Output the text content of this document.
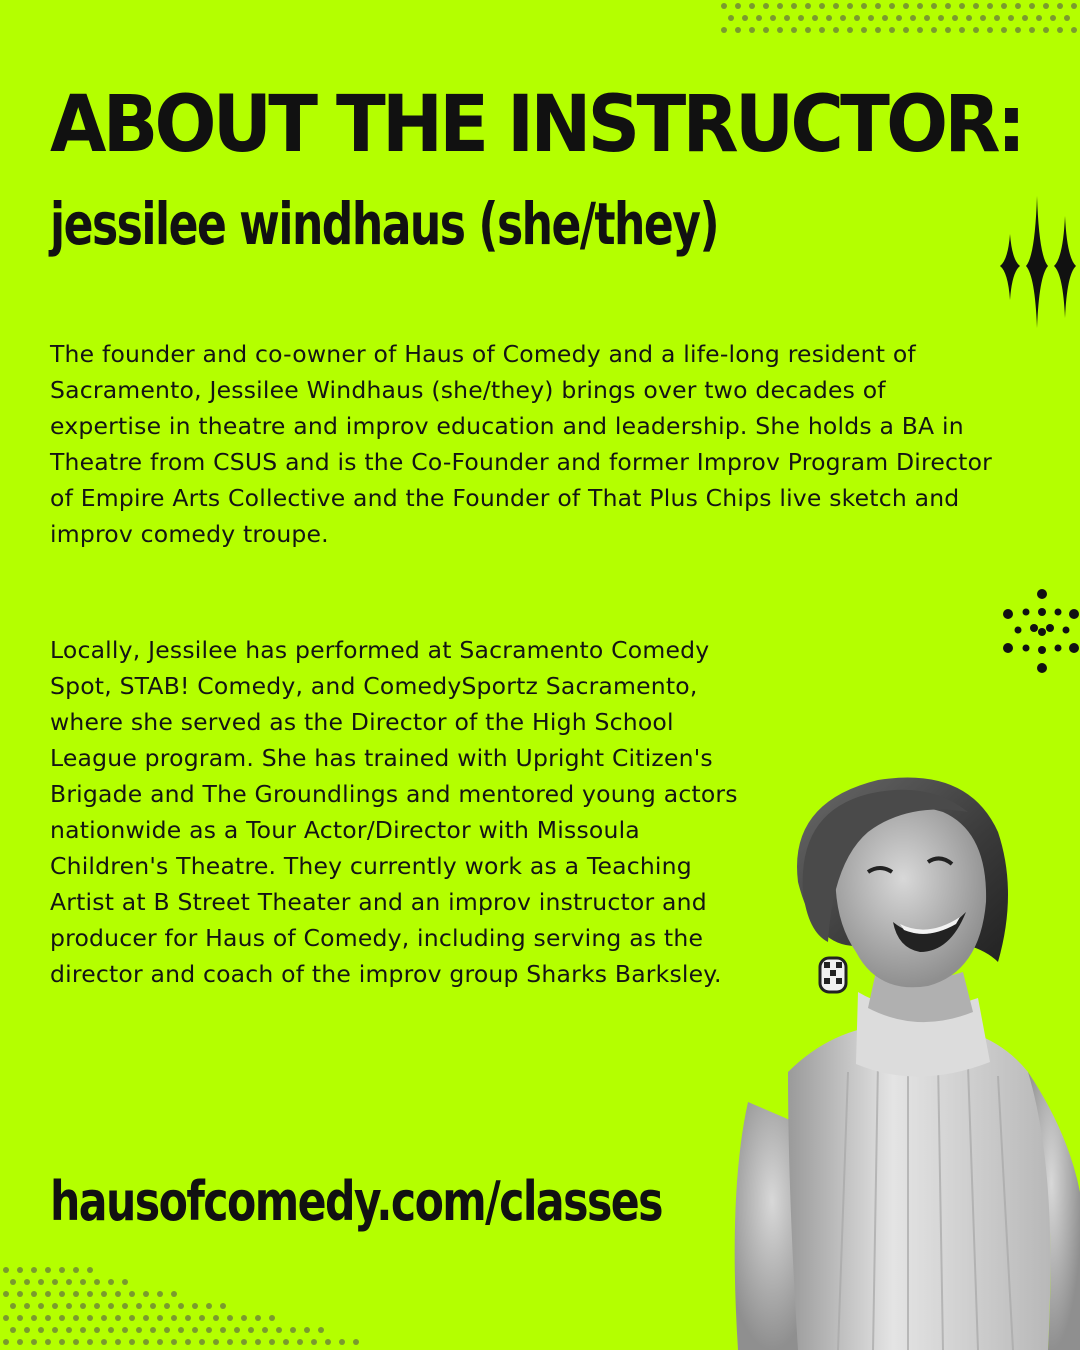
ABOUT THE INSTRUCTOR:
jessilee windhaus (she/they)

The founder and co-owner of Haus of Comedy and a life-long resident of Sacramento, Jessilee Windhaus (she/they) brings over two decades of expertise in theatre and improv education and leadership. She holds a BA in Theatre from CSUS and is the Co-Founder and former Improv Program Director of Empire Arts Collective and the Founder of That Plus Chips live sketch and improv comedy troupe.

Locally, Jessilee has performed at Sacramento Comedy Spot, STAB! Comedy, and ComedySportz Sacramento, where she served as the Director of the High School League program. She has trained with Upright Citizen's Brigade and The Groundlings and mentored young actors nationwide as a Tour Actor/Director with Missoula Children's Theatre. They currently work as a Teaching Artist at B Street Theater and an improv instructor and producer for Haus of Comedy, including serving as the director and coach of the improv group Sharks Barksley.

hausofcomedy.com/classes
